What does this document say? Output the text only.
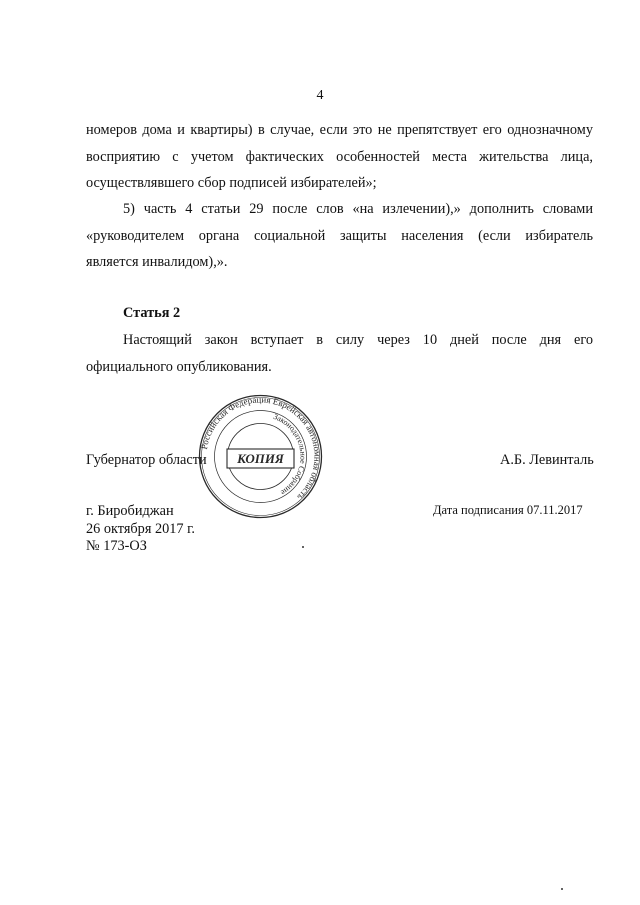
4
номеров дома и квартиры) в случае, если это не препятствует его однозначному
восприятию с учетом фактических особенностей места жительства лица,
осуществлявшего сбор подписей избирателей»;
5) часть 4 статьи 29 после слов «на излечении),» дополнить словами
«руководителем органа социальной защиты населения (если избиратель
является инвалидом),».
Статья 2
Настоящий закон вступает в силу через 10 дней после дня его
официального опубликования.
Губернатор области	А.Б. Левинталь
Российская Федерация Еврейская автономная область
Законодательное Собрание
КОПИЯ
г. Биробиджан
26 октября 2017 г.
№ 173-ОЗ
Дата подписания 07.11.2017
